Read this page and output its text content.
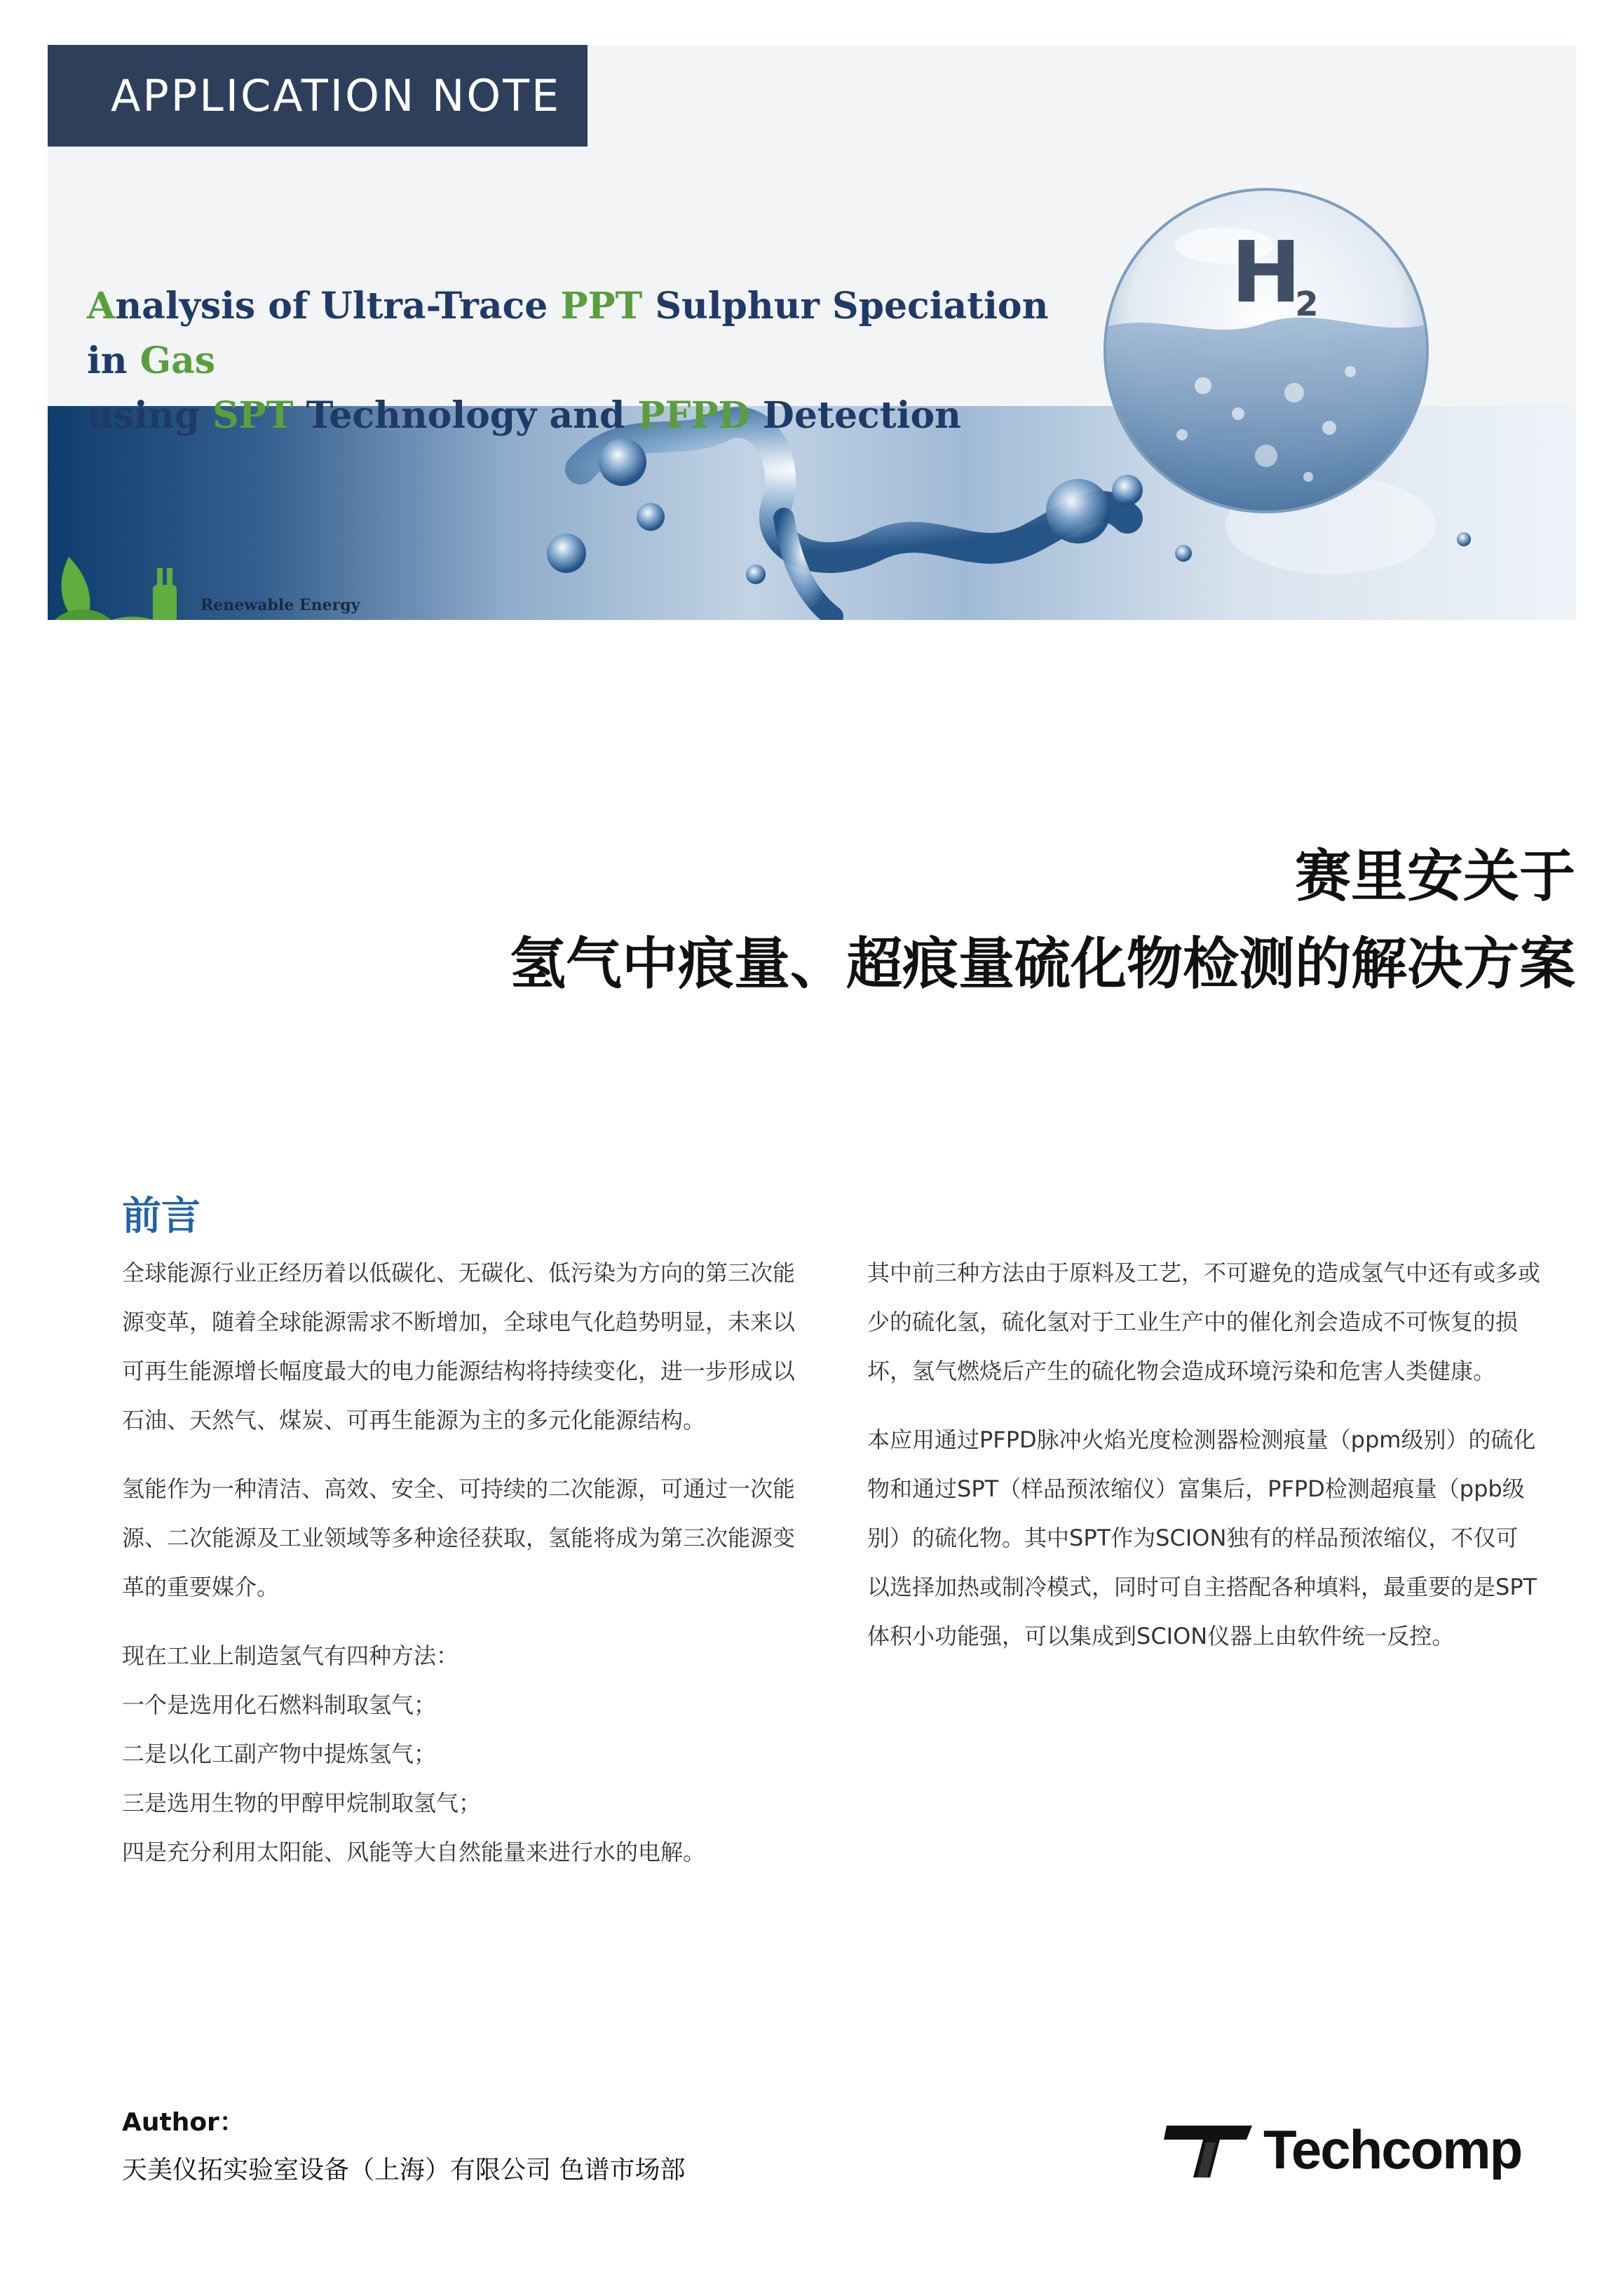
APPLICATION NOTE
Analysis of Ultra-Trace PPT Sulphur Speciation in Gas
using SPT Technology and PFPD Detection
H
2
Renewable Energy
赛里安关于
氢气中痕量、超痕量硫化物检测的解决方案
前言

全球能源行业正经历着以低碳化、无碳化、低污染为方向的第三次能源变革，随着全球能源需求不断增加，全球电气化趋势明显，未来以可再生能源增长幅度最大的电力能源结构将持续变化，进一步形成以石油、天然气、煤炭、可再生能源为主的多元化能源结构。

氢能作为一种清洁、高效、安全、可持续的二次能源，可通过一次能源、二次能源及工业领域等多种途径获取，氢能将成为第三次能源变革的重要媒介。

现在工业上制造氢气有四种方法：
一个是选用化石燃料制取氢气；
二是以化工副产物中提炼氢气；
三是选用生物的甲醇甲烷制取氢气；
四是充分利用太阳能、风能等大自然能量来进行水的电解。

其中前三种方法由于原料及工艺，不可避免的造成氢气中还有或多或少的硫化氢，硫化氢对于工业生产中的催化剂会造成不可恢复的损坏，氢气燃烧后产生的硫化物会造成环境污染和危害人类健康。

本应用通过PFPD脉冲火焰光度检测器检测痕量（ppm级别）的硫化物和通过SPT（样品预浓缩仪）富集后，PFPD检测超痕量（ppb级别）的硫化物。其中SPT作为SCION独有的样品预浓缩仪，不仅可以选择加热或制冷模式，同时可自主搭配各种填料，最重要的是SPT体积小功能强，可以集成到SCION仪器上由软件统一反控。

Author：
天美仪拓实验室设备（上海）有限公司 色谱市场部	Techcomp
